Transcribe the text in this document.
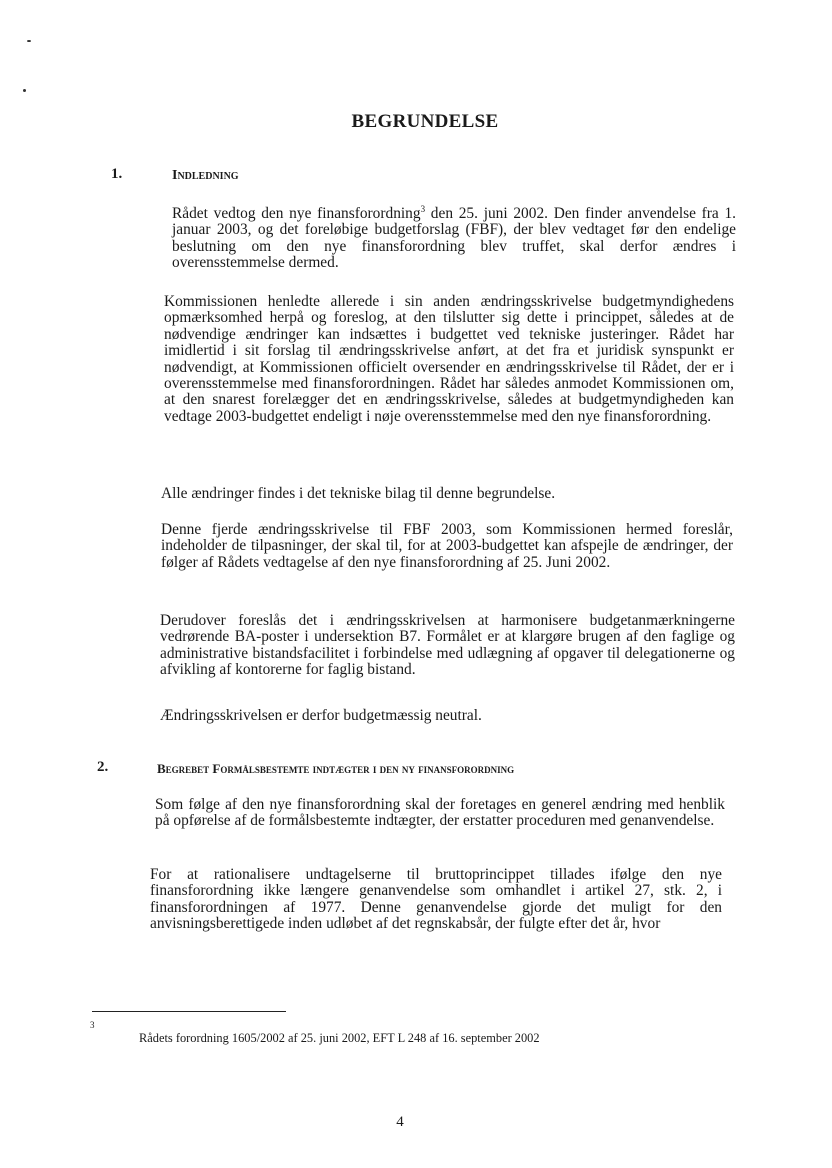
BEGRUNDELSE
1.	Indledning

Rådet vedtog den nye finansforordning$^3$ den 25. juni 2002. Den finder anvendelse fra 1. januar 2003, og det foreløbige budgetforslag (FBF), der blev vedtaget før den endelige beslutning om den nye finansforordning blev truffet, skal derfor ændres i overensstemmelse dermed.

Kommissionen henledte allerede i sin anden ændringsskrivelse budgetmyndighedens opmærksomhed herpå og foreslog, at den tilslutter sig dette i princippet, således at de nødvendige ændringer kan indsættes i budgettet ved tekniske justeringer. Rådet har imidlertid i sit forslag til ændringsskrivelse anført, at det fra et juridisk synspunkt er nødvendigt, at Kommissionen officielt oversender en ændringsskrivelse til Rådet, der er i overensstemmelse med finansforordningen. Rådet har således anmodet Kommissionen om, at den snarest forelægger det en ændringsskrivelse, således at budgetmyndigheden kan vedtage 2003-budgettet endeligt i nøje overensstemmelse med den nye finansforordning.

Alle ændringer findes i det tekniske bilag til denne begrundelse.

Denne fjerde ændringsskrivelse til FBF 2003, som Kommissionen hermed foreslår, indeholder de tilpasninger, der skal til, for at 2003-budgettet kan afspejle de ændringer, der følger af Rådets vedtagelse af den nye finansforordning af 25. Juni 2002.

Derudover foreslås det i ændringsskrivelsen at harmonisere budgetanmærkningerne vedrørende BA-poster i undersektion B7. Formålet er at klargøre brugen af den faglige og administrative bistandsfacilitet i forbindelse med udlægning af opgaver til delegationerne og afvikling af kontorerne for faglig bistand.

Ændringsskrivelsen er derfor budgetmæssig neutral.

2.	Begrebet Formålsbestemte indtægter i den ny finansforordning

Som følge af den nye finansforordning skal der foretages en generel ændring med henblik på opførelse af de formålsbestemte indtægter, der erstatter proceduren med genanvendelse.

For at rationalisere undtagelserne til bruttoprincippet tillades ifølge den nye finansforordning ikke længere genanvendelse som omhandlet i artikel 27, stk. 2, i finansforordningen af 1977. Denne genanvendelse gjorde det muligt for den anvisningsberettigede inden udløbet af det regnskabsår, der fulgte efter det år, hvor

3
Rådets forordning 1605/2002 af 25. juni 2002, EFT L 248 af 16. september 2002
4
